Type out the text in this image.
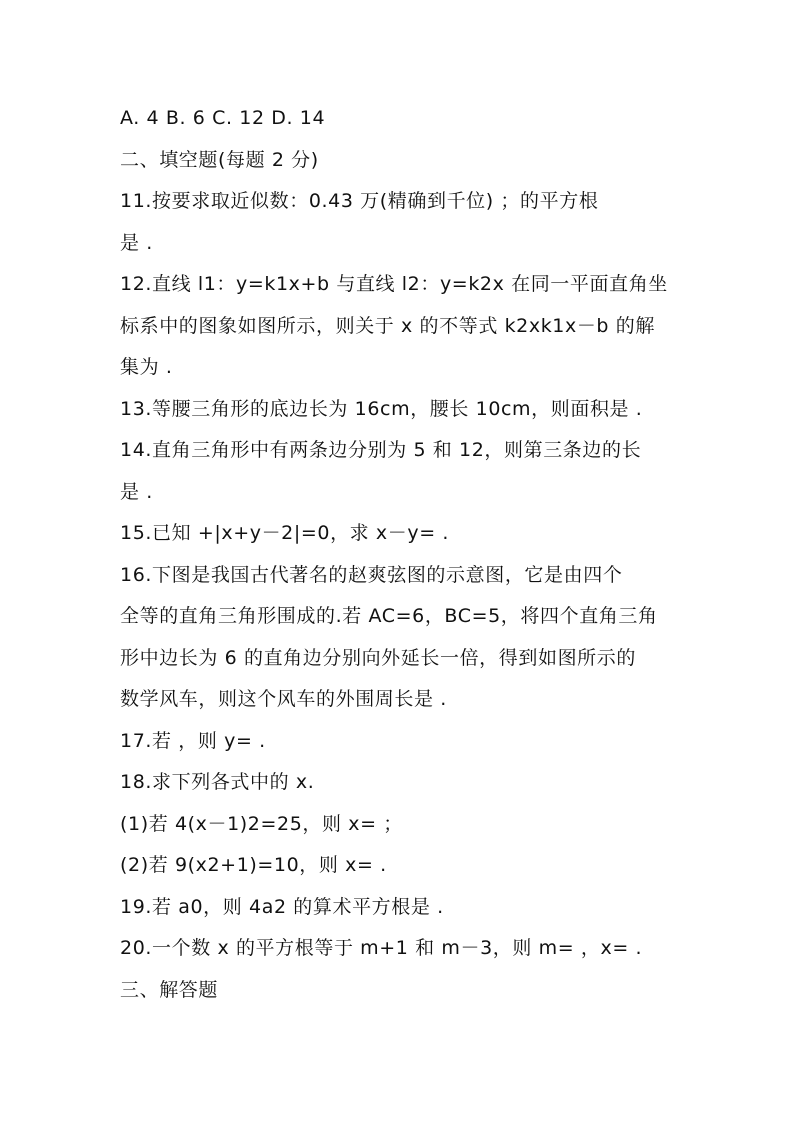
A. 4 B. 6 C. 12 D. 14
二、填空题(每题 2 分)
11.按要求取近似数：0.43 万(精确到千位) ；的平方根
是 .
12.直线 l1：y=k1x+b 与直线 l2：y=k2x 在同一平面直角坐
标系中的图象如图所示，则关于 x 的不等式 k2xk1x－b 的解
集为 .
13.等腰三角形的底边长为 16cm，腰长 10cm，则面积是 .
14.直角三角形中有两条边分别为 5 和 12，则第三条边的长
是 .
15.已知 +|x+y－2|=0，求 x－y= .
16.下图是我国古代著名的赵爽弦图的示意图，它是由四个
全等的直角三角形围成的.若 AC=6，BC=5，将四个直角三角
形中边长为 6 的直角边分别向外延长一倍，得到如图所示的
数学风车，则这个风车的外围周长是 .
17.若 ，则 y= .
18.求下列各式中的 x.
(1)若 4(x－1)2=25，则 x= ；
(2)若 9(x2+1)=10，则 x= .
19.若 a0，则 4a2 的算术平方根是 .
20.一个数 x 的平方根等于 m+1 和 m－3，则 m= ，x= .
三、解答题
